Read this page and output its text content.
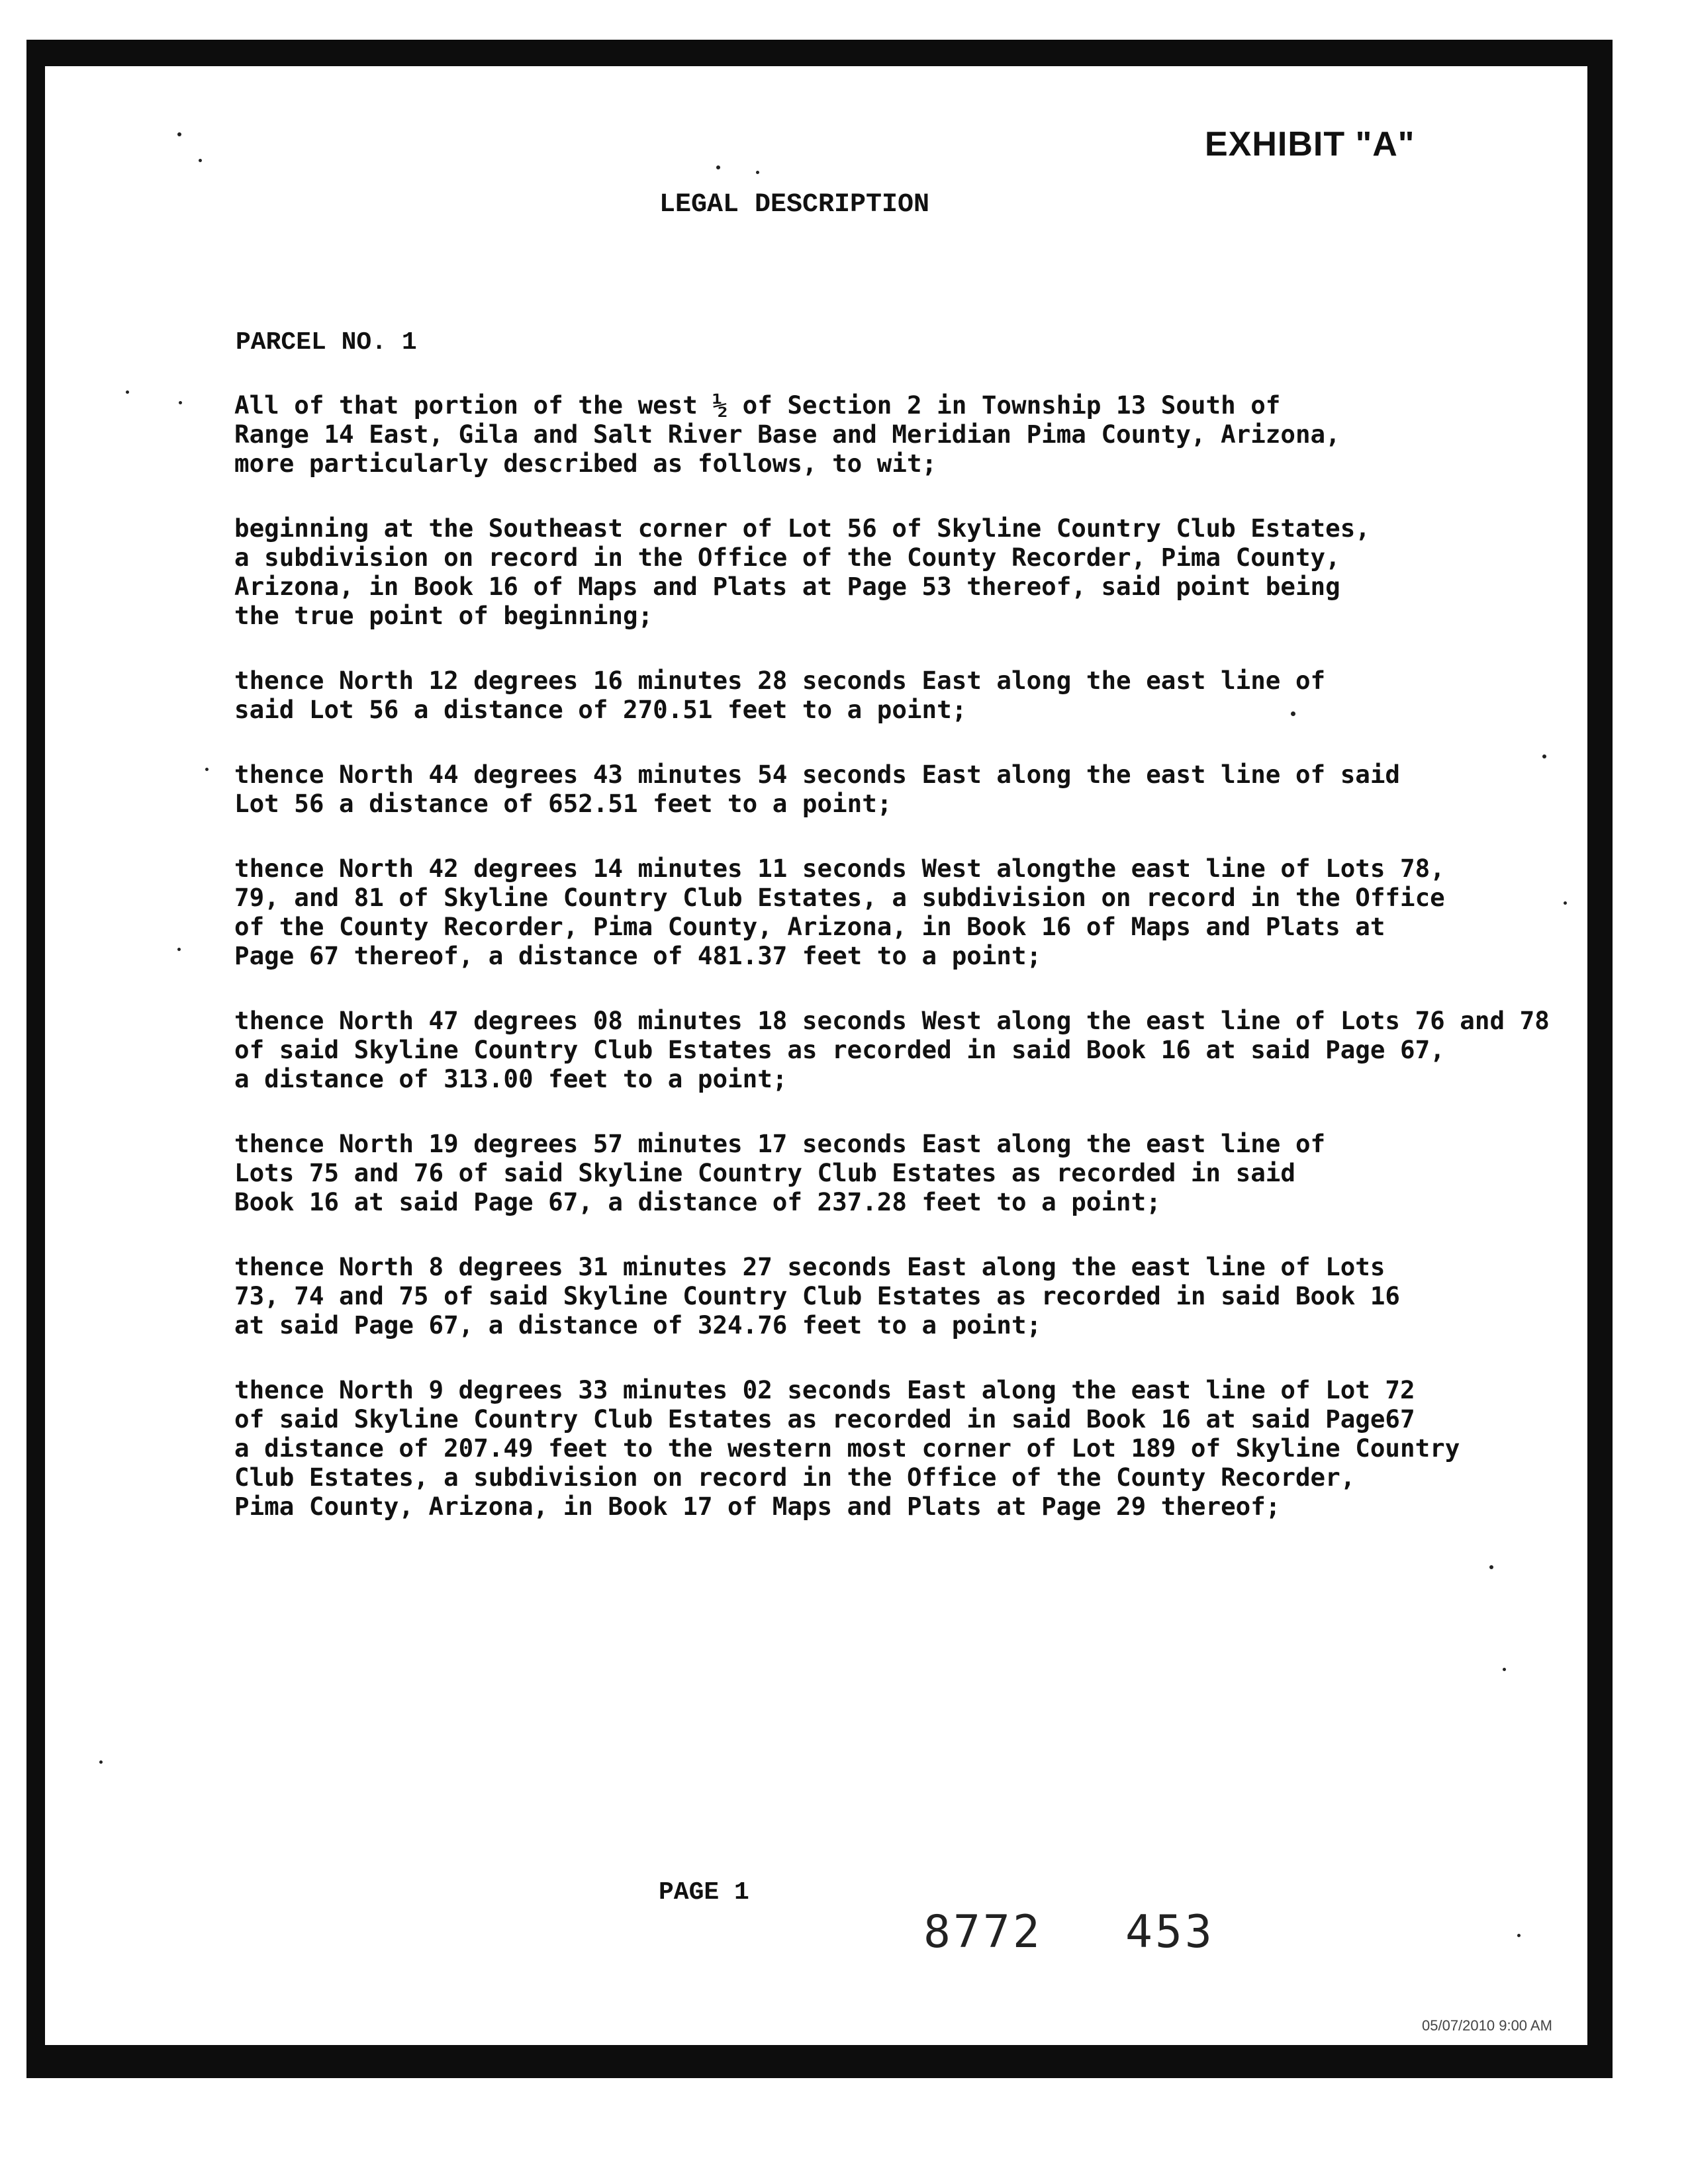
EXHIBIT "A"
LEGAL DESCRIPTION
PARCEL NO. 1
All of that portion of the west ½ of Section 2 in Township 13 South of
Range 14 East, Gila and Salt River Base and Meridian Pima County, Arizona,
more particularly described as follows, to wit;
beginning at the Southeast corner of Lot 56 of Skyline Country Club Estates,
a subdivision on record in the Office of the County Recorder, Pima County,
Arizona, in Book 16 of Maps and Plats at Page 53 thereof, said point being
the true point of beginning;
thence North 12 degrees 16 minutes 28 seconds East along the east line of
said Lot 56 a distance of 270.51 feet to a point;
thence North 44 degrees 43 minutes 54 seconds East along the east line of said
Lot 56 a distance of 652.51 feet to a point;
thence North 42 degrees 14 minutes 11 seconds West alongthe east line of Lots 78,
79, and 81 of Skyline Country Club Estates, a subdivision on record in the Office
of the County Recorder, Pima County, Arizona, in Book 16 of Maps and Plats at
Page 67 thereof, a distance of 481.37 feet to a point;
thence North 47 degrees 08 minutes 18 seconds West along the east line of Lots 76 and 78
of said Skyline Country Club Estates as recorded in said Book 16 at said Page 67,
a distance of 313.00 feet to a point;
thence North 19 degrees 57 minutes 17 seconds East along the east line of
Lots 75 and 76 of said Skyline Country Club Estates as recorded in said
Book 16 at said Page 67, a distance of 237.28 feet to a point;
thence North 8 degrees 31 minutes 27 seconds East along the east line of Lots
73, 74 and 75 of said Skyline Country Club Estates as recorded in said Book 16
at said Page 67, a distance of 324.76 feet to a point;
thence North 9 degrees 33 minutes 02 seconds East along the east line of Lot 72
of said Skyline Country Club Estates as recorded in said Book 16 at said Page67
a distance of 207.49 feet to the western most corner of Lot 189 of Skyline Country
Club Estates, a subdivision on record in the Office of the County Recorder,
Pima County, Arizona, in Book 17 of Maps and Plats at Page 29 thereof;
PAGE 1
8772 453
05/07/2010 9:00 AM
